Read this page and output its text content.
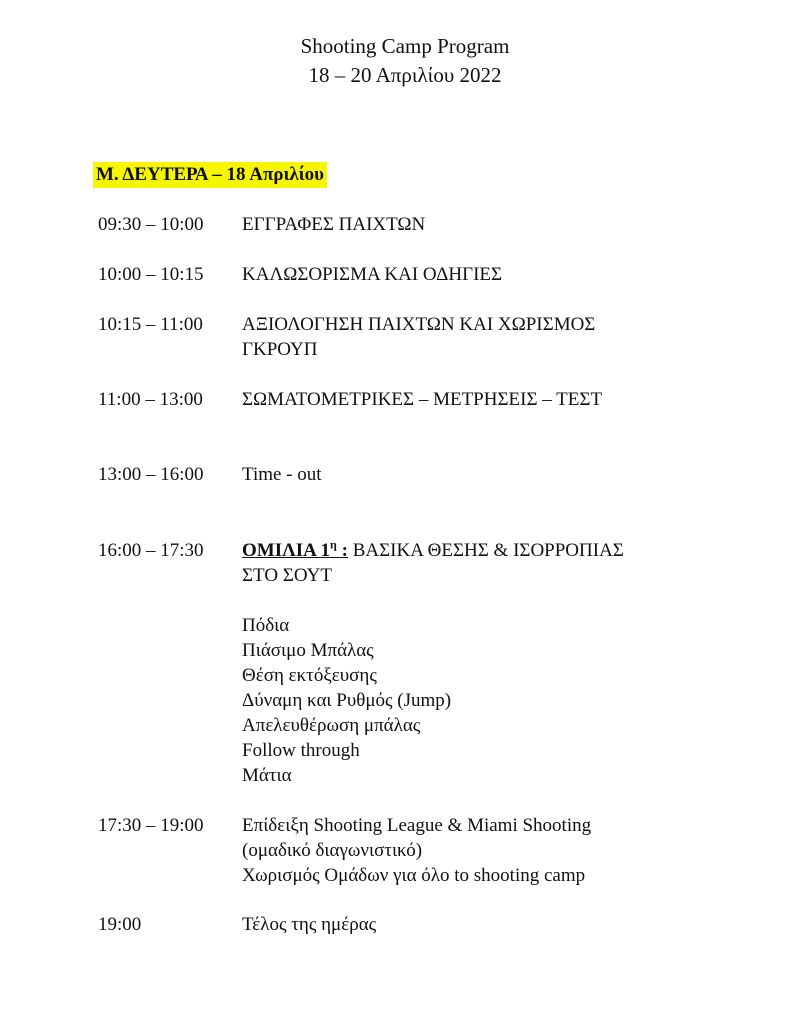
Shooting Camp Program
18 – 20 Απριλίου 2022
Μ. ΔΕΥΤΕΡΑ – 18 Απριλίου
09:30 – 10:00	ΕΓΓΡΑΦΕΣ ΠΑΙΧΤΩΝ
10:00 – 10:15	ΚΑΛΩΣΟΡΙΣΜΑ ΚΑΙ ΟΔΗΓΙΕΣ
10:15 – 11:00	ΑΞΙΟΛΟΓΗΣΗ ΠΑΙΧΤΩΝ ΚΑΙ ΧΩΡΙΣΜΟΣ
ΓΚΡΟΥΠ
11:00 – 13:00	ΣΩΜΑΤΟΜΕΤΡΙΚΕΣ – ΜΕΤΡΗΣΕΙΣ – ΤΕΣΤ
13:00 – 16:00	Time - out
16:00 – 17:30	ΟΜΙΛΙΑ $1^\eta$ : ΒΑΣΙΚΑ ΘΕΣΗΣ & ΙΣΟΡΡΟΠΙΑΣ
ΣΤΟ ΣΟΥΤ
Πόδια
Πιάσιμο Μπάλας
Θέση εκτόξευσης
Δύναμη και Ρυθμός (Jump)
Απελευθέρωση μπάλας
Follow through
Μάτια
17:30 – 19:00	Επίδειξη Shooting League & Miami Shooting
(ομαδικό διαγωνιστικό)
Χωρισμός Ομάδων για όλο to shooting camp
19:00	Τέλος της ημέρας
